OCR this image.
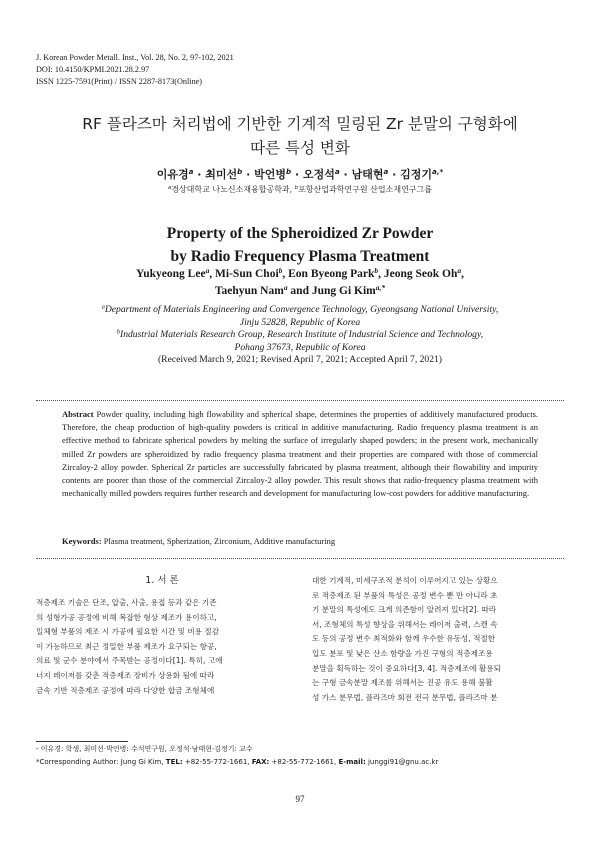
J. Korean Powder Metall. Inst., Vol. 28, No. 2, 97-102, 2021
DOI: 10.4150/KPMI.2021.28.2.97
ISSN 1225-7591(Print) / ISSN 2287-8173(Online)
RF 플라즈마 처리법에 기반한 기계적 밀링된 Zr 분말의 구형화에
따른 특성 변화
이유경$^a$ · 최미선$^b$ · 박언병$^b$ · 오정석$^a$ · 남태현$^a$ · 김정기$^{a,*}$
$^a$경상대학교 나노신소재융합공학과, $^b$포항산업과학연구원 산업소재연구그룹
Property of the Spheroidized Zr Powder
by Radio Frequency Plasma Treatment
Yukyeong Lee$^a$, Mi-Sun Choi$^b$, Eon Byeong Park$^b$, Jeong Seok Oh$^a$,
Taehyun Nam$^a$ and Jung Gi Kim$^{a,*}$
$^a$Department of Materials Engineering and Convergence Technology, Gyeongsang National University,
Jinju 52828, Republic of Korea
$^b$Industrial Materials Research Group, Research Institute of Industrial Science and Technology,
Pohang 37673, Republic of Korea
(Received March 9, 2021; Revised April 7, 2021; Accepted April 7, 2021)
Abstract Powder quality, including high flowability and spherical shape, determines the properties of additively manufactured products. Therefore, the cheap production of high-quality powders is critical in additive manufacturing. Radio frequency plasma treatment is an effective method to fabricate spherical powders by melting the surface of irregularly shaped powders; in the present work, mechanically milled Zr powders are spheroidized by radio frequency plasma treatment and their properties are compared with those of commercial Zircaloy-2 alloy powder. Spherical Zr particles are successfully fabricated by plasma treatment, although their flowability and impurity contents are poorer than those of the commercial Zircaloy-2 alloy powder. This result shows that radio-frequency plasma treatment with mechanically milled powders requires further research and development for manufacturing low-cost powders for additive manufacturing.
Keywords: Plasma treatment, Spherization, Zirconium, Additive manufacturing
1. 서 론
적층제조 기술은 단조, 압출, 사출, 용접 등과 같은 기존
의 성형가공 공정에 비해 복잡한 형상 제조가 용이하고,
일체형 부품의 제조 시 가공에 필요한 시간 및 비용 절감
이 가능하므로 최근 정밀한 부품 제조가 요구되는 항공,
의료 및 군수 분야에서 주목받는 공정이다[1]. 특히, 고에
너지 레이저를 갖춘 적층제조 장비가 상용화 됨에 따라
금속 기반 적층제조 공정에 따라 다양한 합금 조형체에
대한 기계적, 미세구조적 분석이 이루어지고 있는 상황으
로 적층제조 된 부품의 특성은 공정 변수 뿐 만 아니라 초
기 분말의 특성에도 크게 의존함이 알려져 있다[2]. 따라
서, 조형체의 특성 향상을 위해서는 레이저 출력, 스캔 속
도 등의 공정 변수 최적화와 함께 우수한 유동성, 적절한
입도 분포 및 낮은 산소 함량을 가진 구형의 적층제조용
분말을 획득하는 것이 중요하다[3, 4]. 적층제조에 활용되
는 구형 금속분말 제조를 위해서는 진공 유도 용해 불활
성 가스 분무법, 플라즈마 회전 전극 분무법, 플라즈마 분
- 이유경: 학생, 최미선·박언병: 수석연구원, 오정석·남태현·김정기: 교수
*Corresponding Author: Jung Gi Kim, TEL: +82-55-772-1661, FAX: +82-55-772-1661, E-mail: junggi91@gnu.ac.kr
97
